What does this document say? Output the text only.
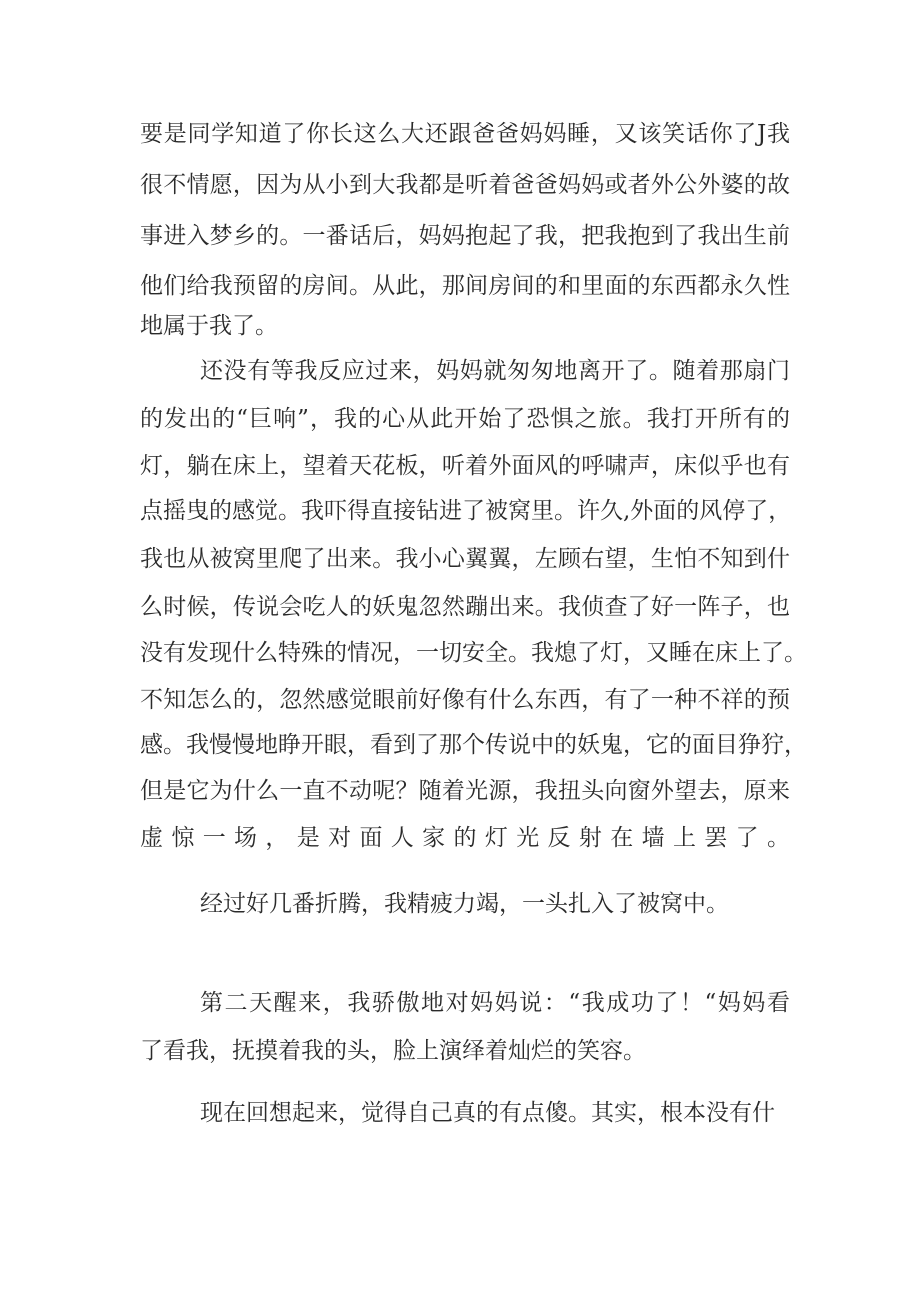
要是同学知道了你长这么大还跟爸爸妈妈睡，又该笑话你了J我
很不情愿，因为从小到大我都是听着爸爸妈妈或者外公外婆的故
事进入梦乡的。一番话后，妈妈抱起了我，把我抱到了我出生前
他们给我预留的房间。从此，那间房间的和里面的东西都永久性
地属于我了。
还没有等我反应过来，妈妈就匆匆地离开了。随着那扇门
的发出的“巨响”，我的心从此开始了恐惧之旅。我打开所有的
灯，躺在床上，望着天花板，听着外面风的呼啸声，床似乎也有
点摇曳的感觉。我吓得直接钻进了被窝里。许久,外面的风停了，
我也从被窝里爬了出来。我小心翼翼，左顾右望，生怕不知到什
么时候，传说会吃人的妖鬼忽然蹦出来。我侦查了好一阵子，也
没有发现什么特殊的情况，一切安全。我熄了灯，又睡在床上了。
不知怎么的，忽然感觉眼前好像有什么东西，有了一种不祥的预
感。我慢慢地睁开眼，看到了那个传说中的妖鬼，它的面目狰狞，
但是它为什么一直不动呢？随着光源，我扭头向窗外望去，原来
虚惊一场，是对面人家的灯光反射在墙上罢了。
经过好几番折腾，我精疲力竭，一头扎入了被窝中。
第二天醒来，我骄傲地对妈妈说：“我成功了！“妈妈看
了看我，抚摸着我的头，脸上演绎着灿烂的笑容。
现在回想起来，觉得自己真的有点傻。其实，根本没有什
